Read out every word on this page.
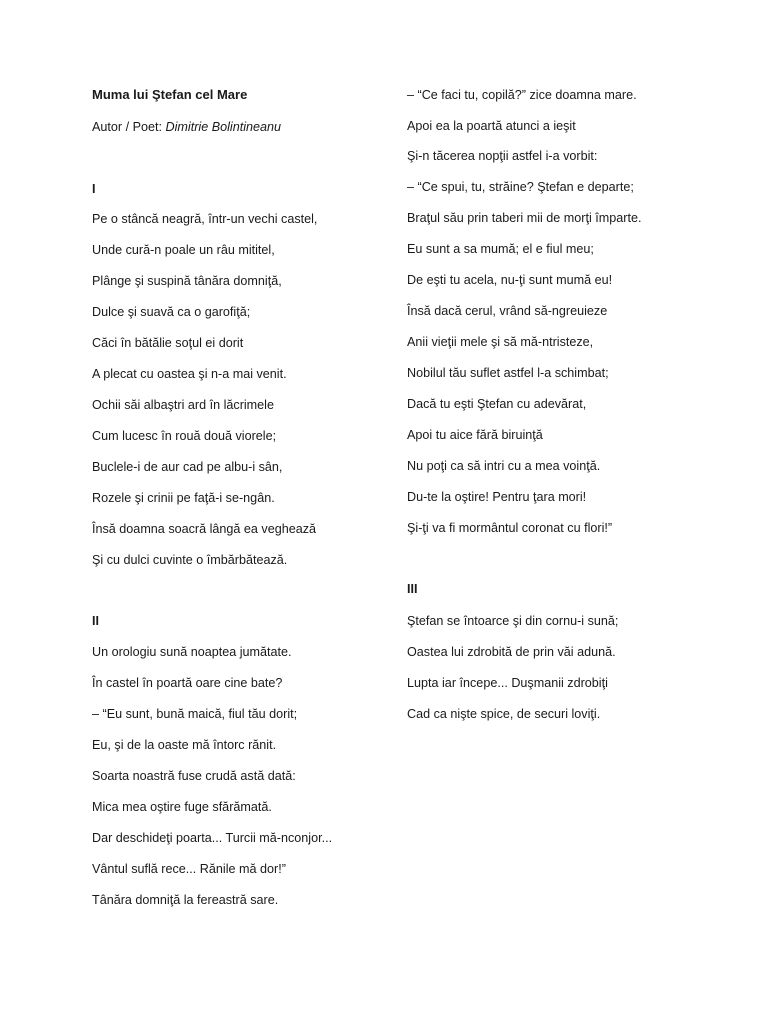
Muma lui Ştefan cel Mare
Autor / Poet: Dimitrie Bolintineanu
I
Pe o stâncă neagră, într-un vechi castel,
Unde cură-n poale un râu mititel,
Plânge şi suspină tânăra domniţă,
Dulce şi suavă ca o garofiţă;
Căci în bătălie soţul ei dorit
A plecat cu oastea şi n-a mai venit.
Ochii săi albaştri ard în lăcrimele
Cum lucesc în rouă două viorele;
Buclele-i de aur cad pe albu-i sân,
Rozele şi crinii pe faţă-i se-ngân.
Însă doamna soacră lângă ea veghează
Şi cu dulci cuvinte o îmbărbătează.
II
Un orologiu sună noaptea jumătate.
În castel în poartă oare cine bate?
– “Eu sunt, bună maică, fiul tău dorit;
Eu, şi de la oaste mă întorc rănit.
Soarta noastră fuse crudă astă dată:
Mica mea oştire fuge sfărămată.
Dar deschideţi poarta... Turcii mă-nconjor...
Vântul suflă rece... Rănile mă dor!”
Tânăra domniţă la fereastră sare.
– “Ce faci tu, copilă?” zice doamna mare.
Apoi ea la poartă atunci a ieşit
Şi-n tăcerea nopţii astfel i-a vorbit:
– “Ce spui, tu, străine? Ştefan e departe;
Braţul său prin taberi mii de morţi împarte.
Eu sunt a sa mumă; el e fiul meu;
De eşti tu acela, nu-ţi sunt mumă eu!
Însă dacă cerul, vrând să-ngreuieze
Anii vieţii mele şi să mă-ntristeze,
Nobilul tău suflet astfel l-a schimbat;
Dacă tu eşti Ştefan cu adevărat,
Apoi tu aice fără biruinţă
Nu poţi ca să intri cu a mea voinţă.
Du-te la oştire! Pentru ţara mori!
Şi-ţi va fi mormântul coronat cu flori!”
III
Ştefan se întoarce şi din cornu-i sună;
Oastea lui zdrobită de prin văi adună.
Lupta iar începe... Duşmanii zdrobiţi
Cad ca nişte spice, de securi loviţi.
